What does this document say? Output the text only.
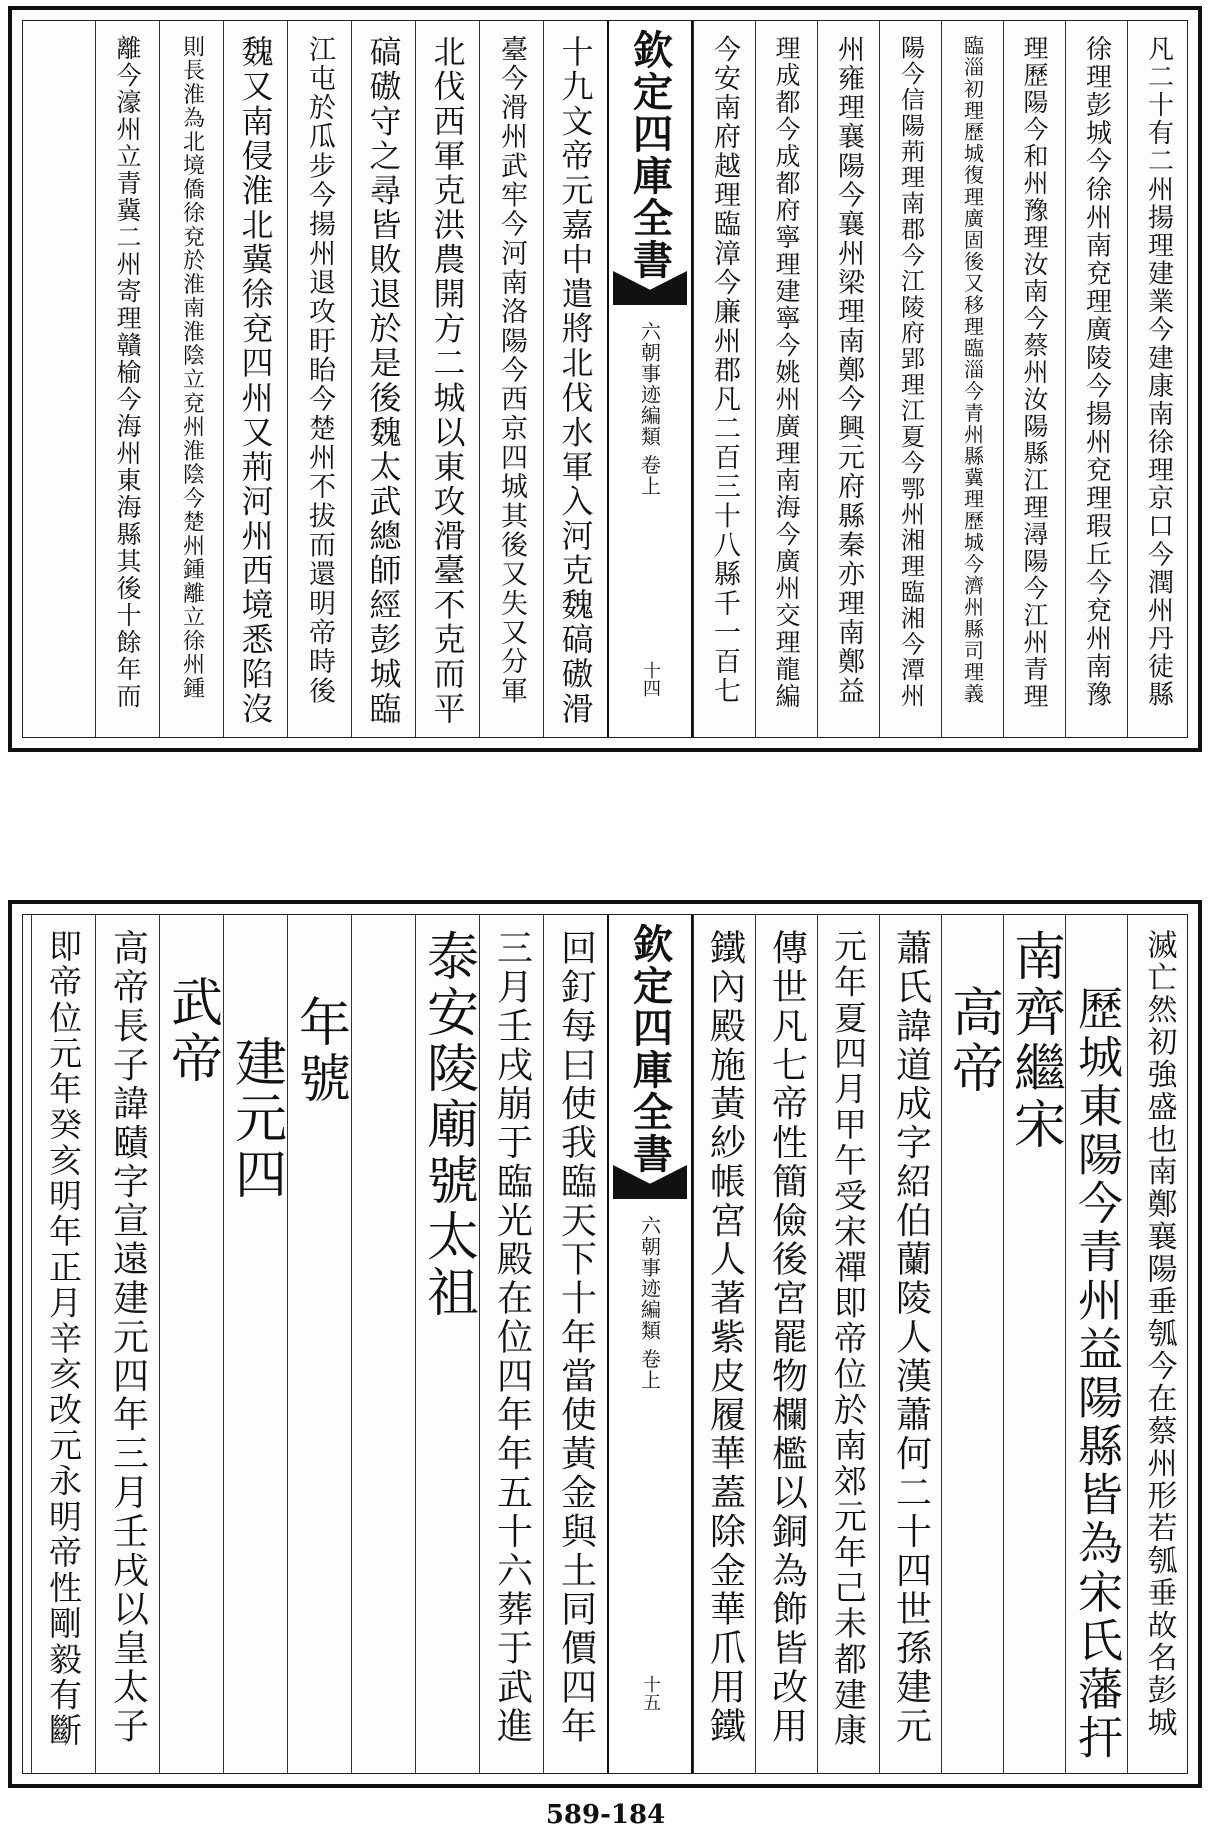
凡二十有二州揚理建業今建康南徐理京口今潤州丹徒縣
徐理彭城今徐州南兗理廣陵今揚州兗理瑕丘今兗州南豫
理歷陽今和州豫理汝南今蔡州汝陽縣江理潯陽今江州青理
臨淄初理歷城復理廣固後又移理臨淄今青州縣冀理歷城今濟州縣司理義
陽今信陽荊理南郡今江陵府郢理江夏今鄂州湘理臨湘今潭州
州雍理襄陽今襄州梁理南鄭今興元府縣秦亦理南鄭益
理成都今成都府寧理建寧今姚州廣理南海今廣州交理龍編
今安南府越理臨漳今廉州郡凡二百三十八縣千一百七
欽定四庫全書
六朝事迹編類 卷上
十四
十九文帝元嘉中遣將北伐水軍入河克魏碻磝滑
臺今滑州武牢今河南洛陽今西京四城其後又失又分軍
北伐西軍克洪農開方二城以東攻滑臺不克而平
碻磝守之尋皆敗退於是後魏太武總師經彭城臨
江屯於瓜步今揚州退攻盱眙今楚州不拔而還明帝時後
魏又南侵淮北冀徐兗四州又荊河州西境悉陷沒
則長淮為北境僑徐兗於淮南淮陰立兗州淮陰今楚州鍾離立徐州鍾
離今濠州立青冀二州寄理贛榆今海州東海縣其後十餘年而
滅亡然初強盛也南鄭襄陽垂瓠今在蔡州形若瓠垂故名彭城
歷城東陽今青州益陽縣皆為宋氏藩扞
南齊繼宋
高帝
蕭氏諱道成字紹伯蘭陵人漢蕭何二十四世孫建元
元年夏四月甲午受宋禪即帝位於南郊元年己未都建康
傳世凡七帝性簡儉後宮罷物欄檻以銅為飾皆改用
鐵內殿施黃紗帳宮人著紫皮履華蓋除金華爪用鐵
欽定四庫全書
六朝事迹編類 卷上
十五
回釘每曰使我臨天下十年當使黃金與土同價四年
三月壬戌崩于臨光殿在位四年年五十六葬于武進
泰安陵廟號太祖
年號
建元四
武帝
高帝長子諱賾字宣遠建元四年三月壬戌以皇太子
即帝位元年癸亥明年正月辛亥改元永明帝性剛毅有斷
589-184
